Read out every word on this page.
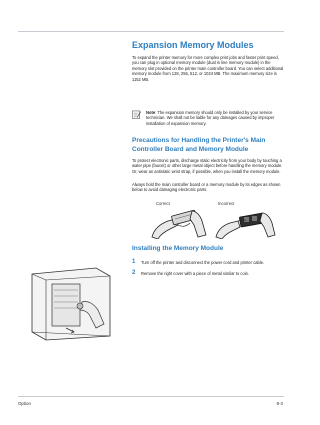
Expansion Memory Modules
To expand the printer memory for more complex print jobs and faster print speed, you can plug in optional memory module (dual in line memory module) in the memory slot provided on the printer main controller board. You can select additional memory module from 128, 256, 512, or 1024 MB. The maximum memory size is 1152 MB.
Note: The expansion memory should only be installed by your service technician. We shall not be liable for any damages caused by improper installation of expansion memory.
Precautions for Handling the Printer's Main
Controller Board and Memory Module
To protect electronic parts, discharge static electricity from your body by touching a water pipe (faucet) or other large metal object before handling the memory module. Or, wear an antistatic wrist strap, if possible, when you install the memory module.
Always hold the main controller board or a memory module by its edges as shown below to avoid damaging electronic parts.
Correct	Incorrect
Installing the Memory Module
1 Turn off the printer and disconnect the power cord and printer cable.
2 Remove the right cover with a piece of metal similar to coin.
Option	8-3
